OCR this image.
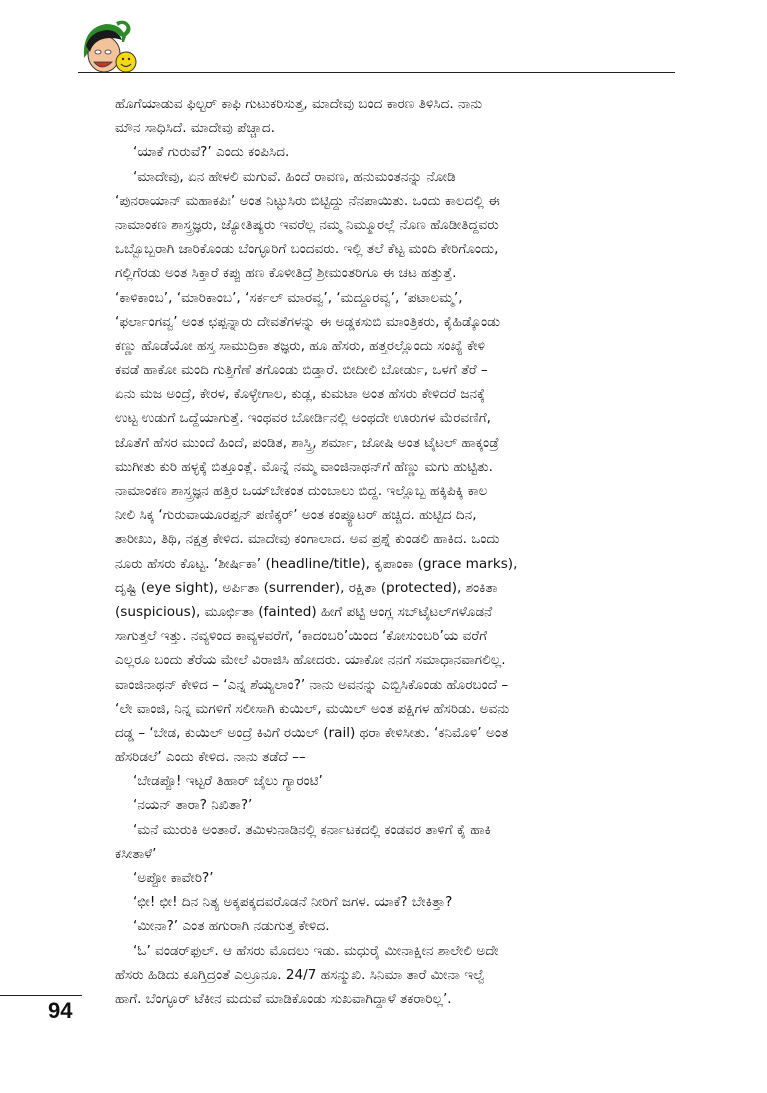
ಹೊಗೆಯಾಡುವ ಫಿಲ್ಟರ್ ಕಾಫಿ ಗುಟುಕರಿಸುತ್ತ, ಮಾದೇವು ಬಂದ ಕಾರಣ ತಿಳಿಸಿದ. ನಾನು
ಮೌನ ಸಾಧಿಸಿದೆ. ಮಾದೇವು ಪೆಚ್ಚಾದ.
‘ಯಾಕೆ ಗುರುವೆ?’ ಎಂದು ಕಂಪಿಸಿದ.
‘ಮಾದೇವು, ಏನ ಹೇಳಲಿ ಮಗುವೆ. ಹಿಂದೆ ರಾವಣ, ಹನುಮಂತನನ್ನು ನೋಡಿ
‘ಪುನರಾಯಾನ್ ಮಹಾಕಪಿಃ’ ಅಂತ ನಿಟ್ಟುಸಿರು ಬಿಟ್ಟಿದ್ದು ನೆನಪಾಯಿತು. ಒಂದು ಕಾಲದಲ್ಲಿ ಈ
ನಾಮಾಂಕಣ ಶಾಸ್ತ್ರಜ್ಞರು, ಜ್ಯೋತಿಷ್ಯರು ಇವರೆಲ್ಲ ನಮ್ಮ ನಿಮ್ಮೂರಲ್ಲೆ ನೊಣ ಹೊಡೀತಿದ್ದವರು
ಒಬ್ಬೊಬ್ಬರಾಗಿ ಜಾರಿಕೊಂಡು ಬೆಂಗ್ಳೂರಿಗೆ ಬಂದವರು. ಇಲ್ಲಿ ತಲೆ ಕೆಟ್ಟ ಮಂದಿ ಕೇರಿಗೊಂದು,
ಗಲ್ಲಿಗೆರಡು ಅಂತ ಸಿಕ್ತಾರೆ ಕಪ್ಪು ಹಣ ಕೊಳೀತಿದ್ರೆ ಶ್ರೀಮಂತರಿಗೂ ಈ ಚಟ ಹತ್ತುತ್ತೆ.
‘ಕಾಳಿಕಾಂಬ’, ‘ಮಾರಿಕಾಂಬ’, ‘ಸರ್ಕಲ್ ಮಾರವ್ವ’, ‘ಮದ್ದೂರವ್ವ’, ‘ಪಟಾಲಮ್ಮ’,
‘ಫರ್ಲಾಂಗವ್ವ’ ಅಂತ ಛಪ್ಪನ್ನಾರು ದೇವತೆಗಳನ್ನು ಈ ಅಡ್ಡಕಸುಬಿ ಮಾಂತ್ರಿಕರು, ಕೈಹಿಡ್ಕೊಂಡು
ಕಣ್ಣು ಹೊಡೆಯೋ ಹಸ್ತ ಸಾಮುದ್ರಿಕಾ ತಜ್ಞರು, ಹೂ ಹೆಸರು, ಹತ್ತರಲ್ಲೊಂದು ಸಂಖ್ಯೆ ಕೇಳಿ
ಕವಡೆ ಹಾಕೋ ಮಂದಿ ಗುತ್ತಿಗೆಣೆ ತಗೊಂಡು ಬಿಡ್ತಾರೆ. ಬೀದೀಲಿ ಬೋರ್ಡು, ಒಳಗೆ ತೆರೆ –
ಏನು ಮಜ ಅಂದ್ರೆ, ಕೇರಳ, ಕೊಳ್ಳೇಗಾಲ, ಕುಡ್ಲ, ಕುಮಟಾ ಅಂತ ಹೆಸರು ಕೇಳಿದರೆ ಜನಕ್ಕೆ
ಉಟ್ಟ ಉಡುಗೆ ಒದ್ದೆಯಾಗುತ್ತೆ. ಇಂಥವರ ಬೋರ್ಡಿನಲ್ಲಿ ಅಂಥದೇ ಊರುಗಳ ಮೆರವಣಿಗೆ,
ಜೊತೆಗೆ ಹೆಸರ ಮುಂದೆ ಹಿಂದೆ, ಪಂಡಿತ, ಶಾಸ್ತ್ರಿ, ಶರ್ಮಾ, ಜೋಷಿ ಅಂತ ಟೈಟಲ್ ಹಾಕ್ಕಂಡ್ರೆ
ಮುಗೀತು ಕುರಿ ಹಳ್ಳಕ್ಕೆ ಬಿತ್ತೂಂತ್ಲೆ. ಮೊನ್ನೆ ನಮ್ಮ ವಾಂಜಿನಾಥನ್‌ಗೆ ಹೆಣ್ಣು ಮಗು ಹುಟ್ಟಿತು.
ನಾಮಾಂಕಣ ಶಾಸ್ತ್ರಜ್ಞನ ಹತ್ತಿರ ಒಯ್‌ಬೇಕಂತ ದುಂಬಾಲು ಬಿದ್ದ. ಇಲ್ಲೊಬ್ಬ ಹಕ್ಕಿಪಿಕ್ಕಿ ಕಾಲ
ನೀಲಿ ಸಿಕ್ಕ ‘ಗುರುವಾಯೂರಪ್ಪನ್ ಪಣಿಕ್ಕರ್’ ಅಂತ ಕಂಪ್ಯೂಟರ್ ಹಚ್ಚಿದ. ಹುಟ್ಟಿದ ದಿನ,
ತಾರೀಖು, ತಿಥಿ, ನಕ್ಷತ್ರ ಕೇಳಿದ. ಮಾದೇವು ಕಂಗಾಲಾದ. ಅವ ಪ್ರಶ್ನೆ ಕುಂಡಲಿ ಹಾಕಿದ. ಒಂದು
ನೂರು ಹೆಸರು ಕೊಟ್ಟ. ‘ಶೀರ್ಷಿಕಾ’ (headline/title), ಕೃಪಾಂಕಾ (grace marks),
ದೃಷ್ಟಿ (eye sight), ಅರ್ಪಿತಾ (surrender), ರಕ್ಷಿತಾ (protected), ಶಂಕಿತಾ
(suspicious), ಮೂರ್ಛಿತಾ (fainted) ಹೀಗೆ ಪಟ್ಟಿ ಆಂಗ್ಲ ಸಬ್‌ಟೈಟಲ್‌ಗಳೊಡನೆ
ಸಾಗುತ್ತಲೆ ಇತ್ತು. ನವ್ಯಳಿಂದ ಕಾವ್ಯಳವರೆಗೆ, ‘ಕಾದಂಬರಿ’ಯಿಂದ ‘ಕೋಸುಂಬರಿ’ಯ ವರೆಗೆ
ಎಲ್ಲರೂ ಬಂದು ತೆರೆಯ ಮೇಲೆ ವಿರಾಜಿಸಿ ಹೋದರು. ಯಾಕೋ ನನಗೆ ಸಮಾಧಾನವಾಗಲಿಲ್ಲ.
ವಾಂಜಿನಾಥನ್ ಕೇಳಿದ – ‘ಎನ್ನ ಶೆಯ್ಯಲಾಂ?’ ನಾನು ಅವನನ್ನು ಎಬ್ಬಿಸಿಕೊಂಡು ಹೊರಬಂದೆ –
‘ಲೇ ವಾಂಜಿ, ನಿನ್ನ ಮಗಳಿಗೆ ಸಲೀಸಾಗಿ ಕುಯಿಲ್, ಮಯಿಲ್ ಅಂತ ಪಕ್ಷಿಗಳ ಹೆಸರಿಡು. ಅವನು
ದಡ್ಡ – ‘ಬೇಡ, ಕುಯಿಲ್ ಅಂದ್ರೆ ಕಿವಿಗೆ ರಯಿಲ್ (rail) ಥರಾ ಕೇಳಿಸೀತು. ‘ಕನಿಮೊಳಿ’ ಅಂತ
ಹೆಸರಿಡಲೆ’ ಎಂದು ಕೇಳಿದ. ನಾನು ತಡೆದೆ ––
‘ಬೇಡಪ್ಪೊ! ಇಟ್ಟರೆ ತಿಹಾರ್ ಜೈಲು ಗ್ಯಾರಂಟಿ’
‘ನಯನ್ ತಾರಾ? ನಿಖಿತಾ?’
‘ಮನೆ ಮುರುಕಿ ಅಂತಾರೆ. ತಮಿಳುನಾಡಿನಲ್ಲಿ ಕರ್ನಾಟಕದಲ್ಲಿ ಕಂಡವರ ತಾಳಿಗೆ ಕೈ ಹಾಕಿ
ಕಸೀತಾಳೆ’
‘ಅಪ್ಪೋ ಕಾವೇರಿ?’
‘ಛೀ! ಛೀ! ದಿನ ನಿತ್ಯ ಅಕ್ಕಪಕ್ಕದವರೊಡನೆ ನೀರಿಗೆ ಜಗಳ. ಯಾಕೆ? ಬೇಕಿತ್ತಾ?
‘ಮೀನಾ?’ ಎಂತ ಹಗುರಾಗಿ ನಡುಗುತ್ತ ಕೇಳಿದ.
‘ಓ’ ವಂಡರ್‌ಫುಲ್. ಆ ಹೆಸರು ಮೊದಲು ಇಡು. ಮಧುರೈ ಮೀನಾಕ್ಷೀನ ಶಾಲೇಲಿ ಅದೇ
ಹೆಸರು ಹಿಡಿದು ಕೂಗ್ತಿದ್ರಂತೆ ಎಲ್ರೂನೂ. 24/7 ಹಸನ್ಮುಖಿ. ಸಿನಿಮಾ ತಾರೆ ಮೀನಾ ಇಲ್ವೆ
ಹಾಗೆ. ಬೆಂಗ್ಳೂರ್ ಟೆಕೀನ ಮದುವೆ ಮಾಡಿಕೊಂಡು ಸುಖವಾಗಿದ್ದಾಳೆ ತಕರಾರಿಲ್ಲ’.
94
